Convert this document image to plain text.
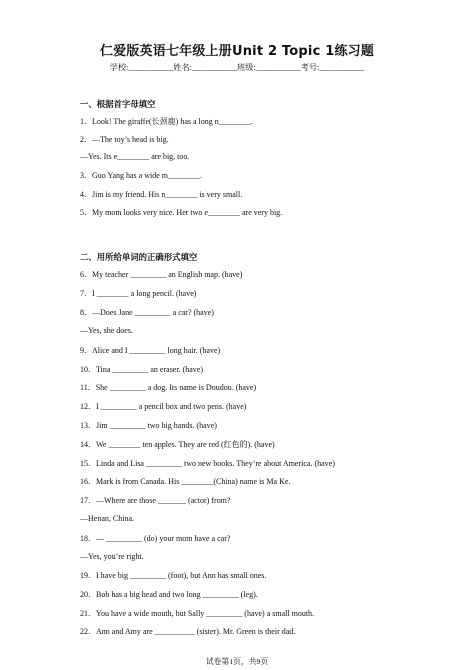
仁爱版英语七年级上册Unit 2 Topic 1练习题
学校:___________姓名:___________班级:___________考号:___________
一、根据首字母填空
1．Look! The giraffe(长颈鹿) has a long n________.
2．—The toy’s head is big.
—Yes. Its e________ are big, too.
3．Guo Yang has a wide m________.
4．Jim is my friend. His n________ is very small.
5．My mom looks very nice. Her two e________ are very big.
二、用所给单词的正确形式填空
6．My teacher _________ an English map. (have)
7．I ________ a long pencil. (have)
8．—Does Jane _________ a car? (have)
—Yes, she does.
9．Alice and I _________ long hair. (have)
10．Tina _________ an eraser. (have)
11．She _________ a dog. Its name is Doudou. (have)
12．I _________ a pencil box and two pens. (have)
13．Jim _________ two big hands. (have)
14．We ________ ten apples. They are red (红色的). (have)
15．Linda and Lisa _________ two new books. They’re about America. (have)
16．Mark is from Canada. His ________(China) name is Ma Ke.
17．—Where are those _______ (actor) from?
—Henan, China.
18．— _________ (do) your mom have a car?
—Yes, you’re right.
19．I have big _________ (foot), but Ann has small ones.
20．Bob has a big head and two long _________ (leg).
21．You have a wide mouth, but Sally _________ (have) a small mouth.
22．Ann and Amy are __________ (sister). Mr. Green is their dad.
试卷第1页，共9页
